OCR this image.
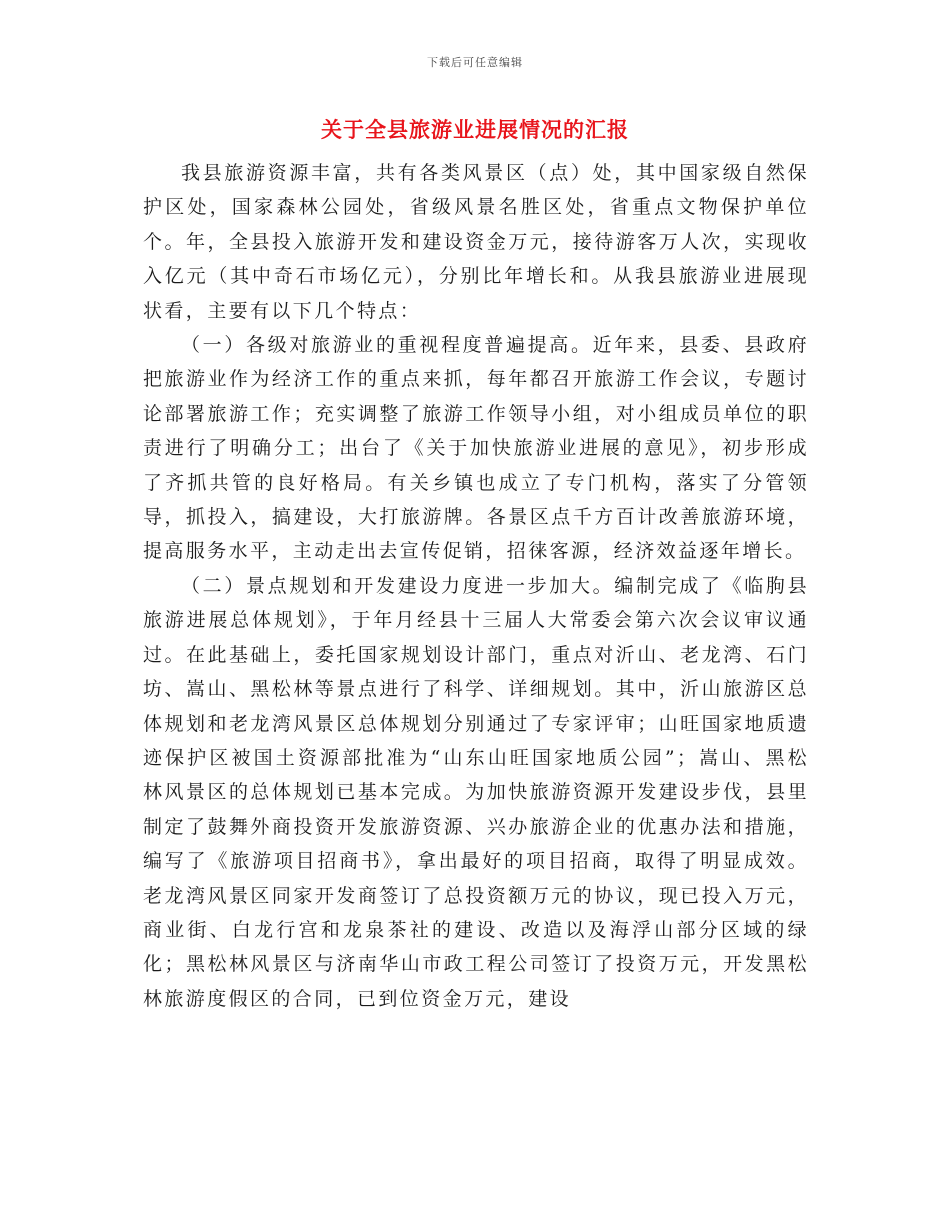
下载后可任意编辑
关于全县旅游业进展情况的汇报

我县旅游资源丰富，共有各类风景区（点）处，其中国家级自然保护区处，国家森林公园处，省级风景名胜区处，省重点文物保护单位个。年，全县投入旅游开发和建设资金万元，接待游客万人次，实现收入亿元（其中奇石市场亿元），分别比年增长和。从我县旅游业进展现状看，主要有以下几个特点：

（一）各级对旅游业的重视程度普遍提高。近年来，县委、县政府把旅游业作为经济工作的重点来抓，每年都召开旅游工作会议，专题讨论部署旅游工作；充实调整了旅游工作领导小组，对小组成员单位的职责进行了明确分工；出台了《关于加快旅游业进展的意见》，初步形成了齐抓共管的良好格局。有关乡镇也成立了专门机构，落实了分管领导，抓投入，搞建设，大打旅游牌。各景区点千方百计改善旅游环境，提高服务水平，主动走出去宣传促销，招徕客源，经济效益逐年增长。

（二）景点规划和开发建设力度进一步加大。编制完成了《临朐县旅游进展总体规划》，于年月经县十三届人大常委会第六次会议审议通过。在此基础上，委托国家规划设计部门，重点对沂山、老龙湾、石门坊、嵩山、黑松林等景点进行了科学、详细规划。其中，沂山旅游区总体规划和老龙湾风景区总体规划分别通过了专家评审；山旺国家地质遗迹保护区被国土资源部批准为“山东山旺国家地质公园”；嵩山、黑松林风景区的总体规划已基本完成。为加快旅游资源开发建设步伐，县里制定了鼓舞外商投资开发旅游资源、兴办旅游企业的优惠办法和措施，编写了《旅游项目招商书》，拿出最好的项目招商，取得了明显成效。老龙湾风景区同家开发商签订了总投资额万元的协议，现已投入万元，商业街、白龙行宫和龙泉茶社的建设、改造以及海浮山部分区域的绿化；黑松林风景区与济南华山市政工程公司签订了投资万元，开发黑松林旅游度假区的合同，已到位资金万元，建设
